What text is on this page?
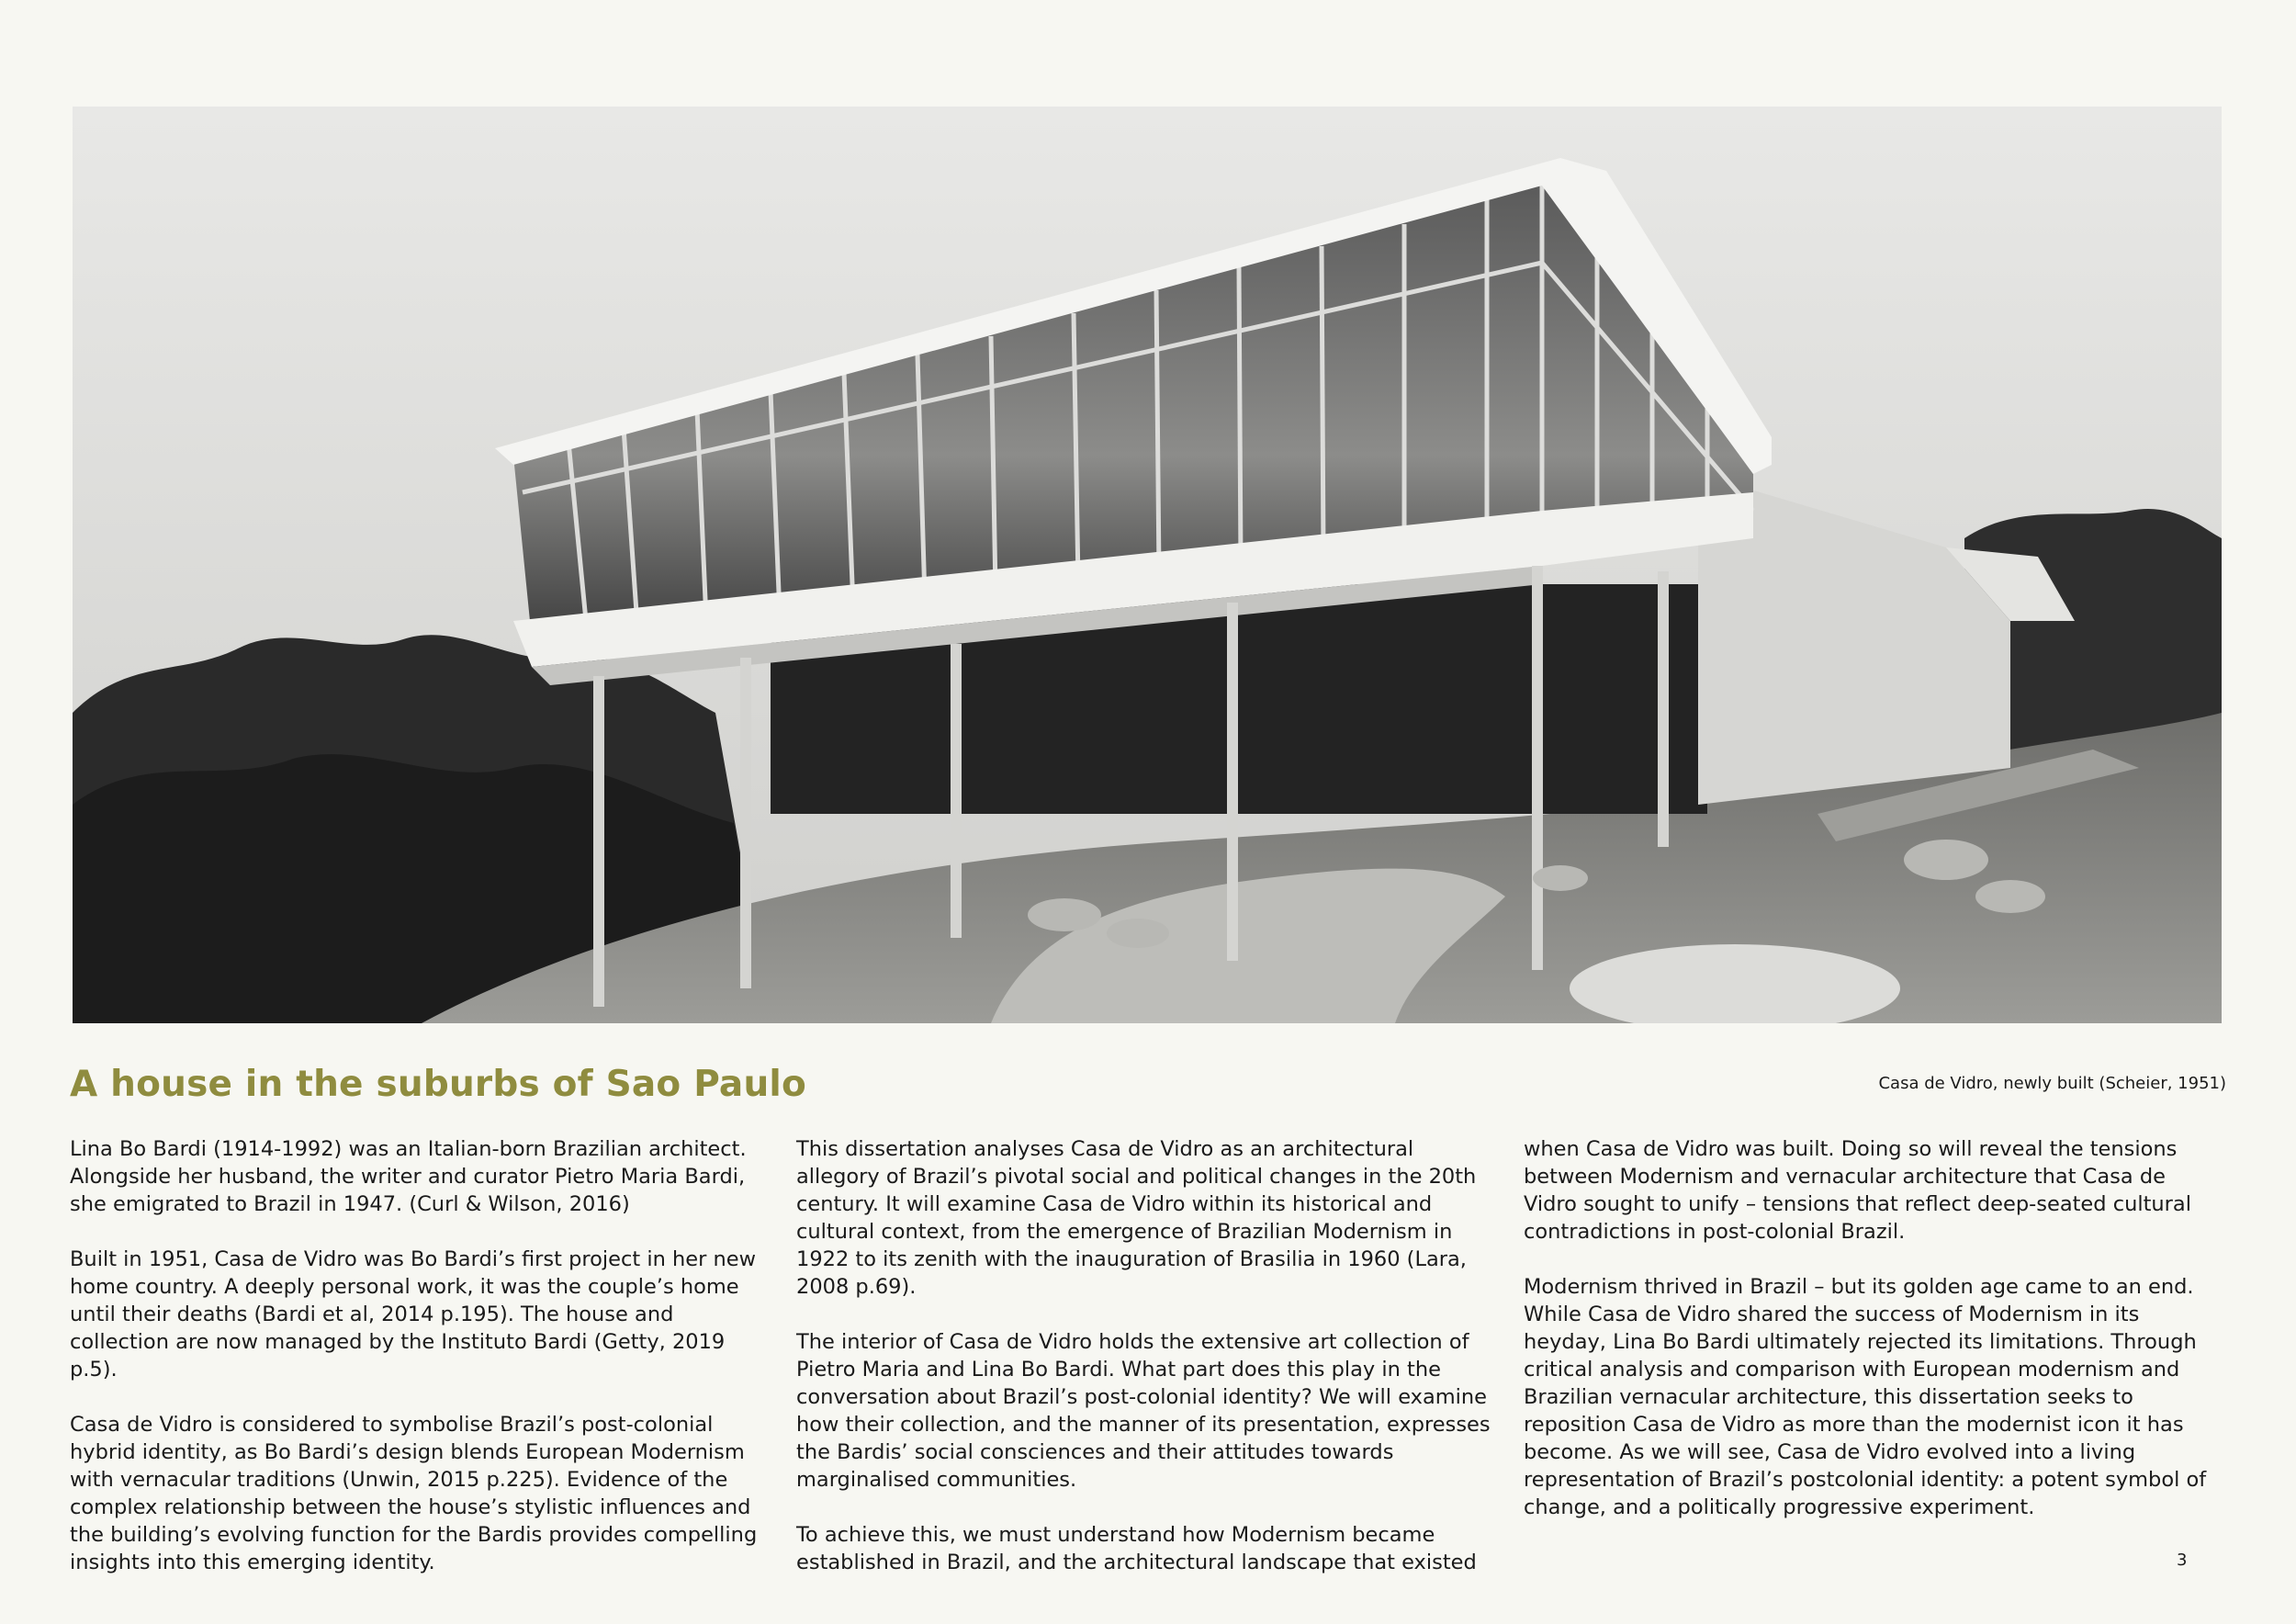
A house in the suburbs of Sao Paulo	Casa de Vidro, newly built (Scheier, 1951)

Lina Bo Bardi (1914-1992) was an Italian-born Brazilian architect. Alongside her husband, the writer and curator Pietro Maria Bardi, she emigrated to Brazil in 1947. (Curl & Wilson, 2016)

Built in 1951, Casa de Vidro was Bo Bardi’s first project in her new home country. A deeply personal work, it was the couple’s home until their deaths (Bardi et al, 2014 p.195). The house and collection are now managed by the Instituto Bardi (Getty, 2019 p.5).

Casa de Vidro is considered to symbolise Brazil’s post-colonial hybrid identity, as Bo Bardi’s design blends European Modernism with vernacular traditions (Unwin, 2015 p.225). Evidence of the complex relationship between the house’s stylistic influences and the building’s evolving function for the Bardis provides compelling insights into this emerging identity.

This dissertation analyses Casa de Vidro as an architectural allegory of Brazil’s pivotal social and political changes in the 20th century. It will examine Casa de Vidro within its historical and cultural context, from the emergence of Brazilian Modernism in 1922 to its zenith with the inauguration of Brasilia in 1960 (Lara, 2008 p.69).

The interior of Casa de Vidro holds the extensive art collection of Pietro Maria and Lina Bo Bardi. What part does this play in the conversation about Brazil’s post-colonial identity? We will examine how their collection, and the manner of its presentation, expresses the Bardis’ social consciences and their attitudes towards marginalised communities.

To achieve this, we must understand how Modernism became established in Brazil, and the architectural landscape that existed

when Casa de Vidro was built. Doing so will reveal the tensions between Modernism and vernacular architecture that Casa de Vidro sought to unify – tensions that reflect deep-seated cultural contradictions in post-colonial Brazil.

Modernism thrived in Brazil – but its golden age came to an end. While Casa de Vidro shared the success of Modernism in its heyday, Lina Bo Bardi ultimately rejected its limitations. Through critical analysis and comparison with European modernism and Brazilian vernacular architecture, this dissertation seeks to reposition Casa de Vidro as more than the modernist icon it has become. As we will see, Casa de Vidro evolved into a living representation of Brazil’s postcolonial identity: a potent symbol of change, and a politically progressive experiment.

3
